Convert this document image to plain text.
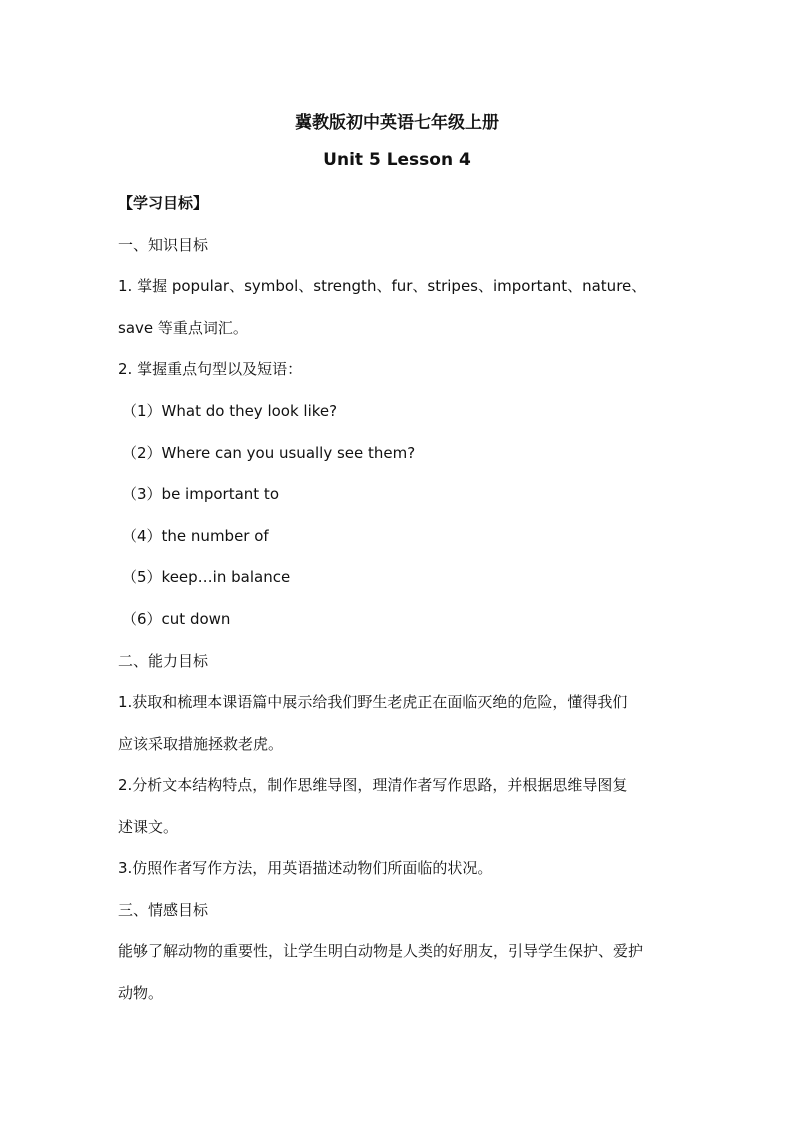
冀教版初中英语七年级上册
Unit 5 Lesson 4
【学习目标】
一、知识目标
1. 掌握 popular、symbol、strength、fur、stripes、important、nature、
save 等重点词汇。
2. 掌握重点句型以及短语：
（1）What do they look like?
（2）Where can you usually see them?
（3）be important to
（4）the number of
（5）keep…in balance
（6）cut down
二、能力目标
1.获取和梳理本课语篇中展示给我们野生老虎正在面临灭绝的危险，懂得我们
应该采取措施拯救老虎。
2.分析文本结构特点，制作思维导图，理清作者写作思路，并根据思维导图复
述课文。
3.仿照作者写作方法，用英语描述动物们所面临的状况。
三、情感目标
能够了解动物的重要性，让学生明白动物是人类的好朋友，引导学生保护、爱护
动物。
